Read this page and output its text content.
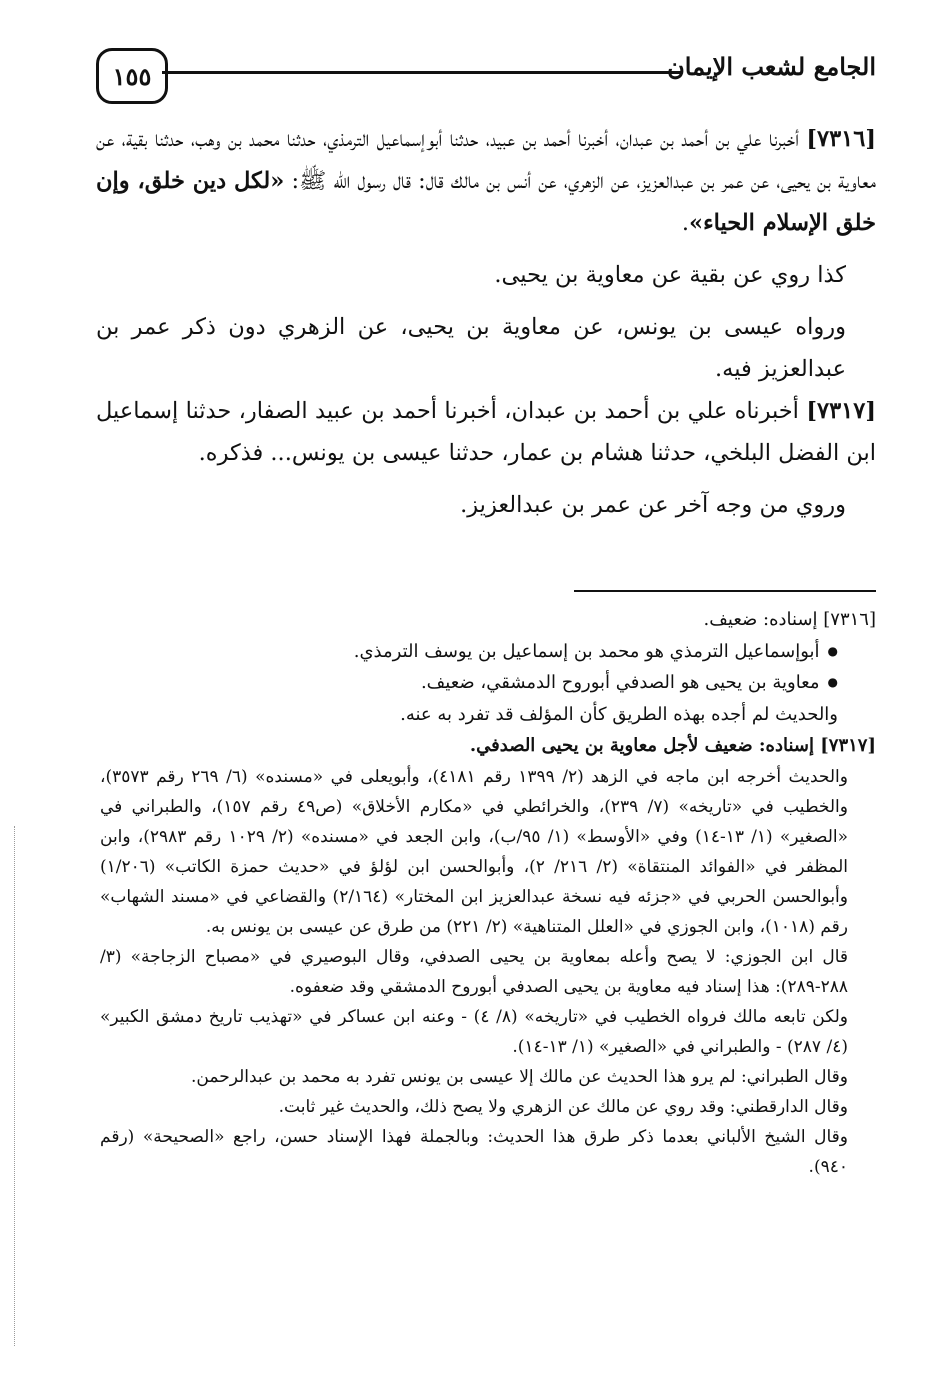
١٥٥	الجامع لشعب الإيمان

[٧٣١٦] أخبرنا علي بن أحمد بن عبدان، أخبرنا أحمد بن عبيد، حدثنا أبوإسماعيل الترمذي، حدثنا محمد بن وهب، حدثنا بقية، عن معاوية بن يحيى، عن عمر بن عبدالعزيز، عن الزهري، عن أنس بن مالك قال: قال رسول الله ﷺ: «لكل دين خلق، وإن خلق الإسلام الحياء».

كذا روي عن بقية عن معاوية بن يحيى.

ورواه عيسى بن يونس، عن معاوية بن يحيى، عن الزهري دون ذكر عمر بن عبدالعزيز فيه.

[٧٣١٧] أخبرناه علي بن أحمد بن عبدان، أخبرنا أحمد بن عبيد الصفار، حدثنا إسماعيل ابن الفضل البلخي، حدثنا هشام بن عمار، حدثنا عيسى بن يونس... فذكره.

وروي من وجه آخر عن عمر بن عبدالعزيز.

[٧٣١٦] إسناده: ضعيف.

● أبوإسماعيل الترمذي هو محمد بن إسماعيل بن يوسف الترمذي.

● معاوية بن يحيى هو الصدفي أبوروح الدمشقي، ضعيف.

والحديث لم أجده بهذه الطريق كأن المؤلف قد تفرد به عنه.

[٧٣١٧] إسناده: ضعيف لأجل معاوية بن يحيى الصدفي.

والحديث أخرجه ابن ماجه في الزهد (٢/ ١٣٩٩ رقم ٤١٨١)، وأبويعلى في «مسنده» (٦/ ٢٦٩ رقم ٣٥٧٣)، والخطيب في «تاريخه» (٧/ ٢٣٩)، والخرائطي في «مكارم الأخلاق» (ص٤٩ رقم ١٥٧)، والطبراني في «الصغير» (١/ ١٣-١٤) وفي «الأوسط» (١/ ٩٥/ب)، وابن الجعد في «مسنده» (٢/ ١٠٢٩ رقم ٢٩٨٣)، وابن المظفر في «الفوائد المنتقاة» (٢/ ٢١٦/ ٢)، وأبوالحسن ابن لؤلؤ في «حديث حمزة الكاتب» (١/٢٠٦) وأبوالحسن الحربي في «جزئه فيه نسخة عبدالعزيز ابن المختار» (٢/١٦٤) والقضاعي في «مسند الشهاب» رقم (١٠١٨)، وابن الجوزي في «العلل المتناهية» (٢/ ٢٢١) من طرق عن عيسى بن يونس به.

قال ابن الجوزي: لا يصح وأعله بمعاوية بن يحيى الصدفي، وقال البوصيري في «مصباح الزجاجة» (٣/ ٢٨٨-٢٨٩): هذا إسناد فيه معاوية بن يحيى الصدفي أبوروح الدمشقي وقد ضعفوه.

ولكن تابعه مالك فرواه الخطيب في «تاريخه» (٨/ ٤) - وعنه ابن عساكر في «تهذيب تاريخ دمشق الكبير» (٤/ ٢٨٧) - والطبراني في «الصغير» (١/ ١٣-١٤).

وقال الطبراني: لم يرو هذا الحديث عن مالك إلا عيسى بن يونس تفرد به محمد بن عبدالرحمن.

وقال الدارقطني: وقد روي عن مالك عن الزهري ولا يصح ذلك، والحديث غير ثابت.

وقال الشيخ الألباني بعدما ذكر طرق هذا الحديث: وبالجملة فهذا الإسناد حسن، راجع «الصحيحة» (رقم ٩٤٠).
